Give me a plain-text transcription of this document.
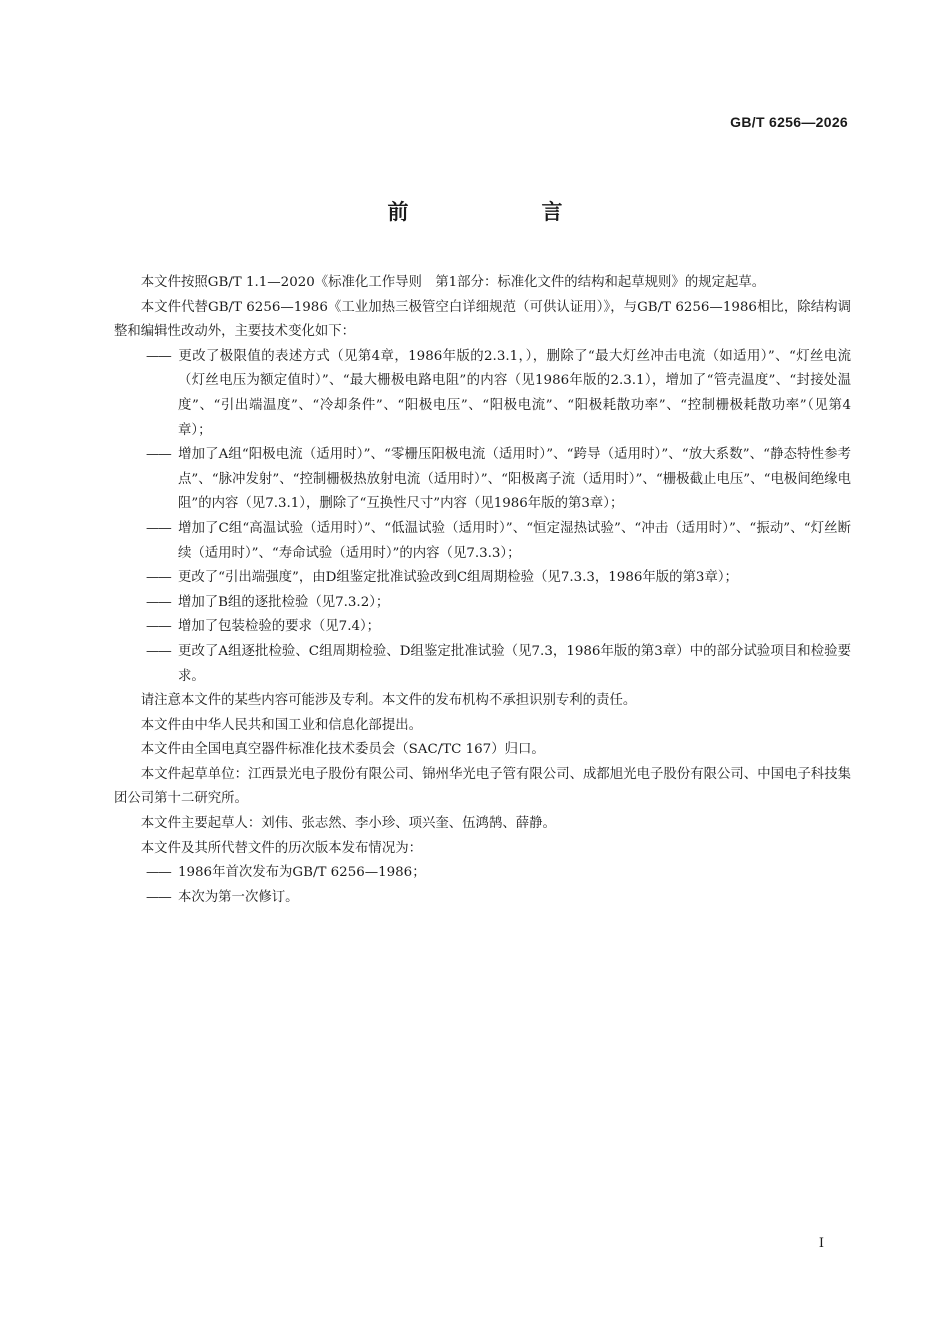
GB/T 6256—2026
前　言

本文件按照GB/T 1.1—2020《标准化工作导则　第1部分：标准化文件的结构和起草规则》的规定起草。

本文件代替GB/T 6256—1986《工业加热三极管空白详细规范（可供认证用）》，与GB/T 6256—1986相比，除结构调整和编辑性改动外，主要技术变化如下：

—— 更改了极限值的表述方式（见第4章，1986年版的2.3.1，），删除了“最大灯丝冲击电流（如适用）”、“灯丝电流（灯丝电压为额定值时）”、“最大栅极电路电阻”的内容（见1986年版的2.3.1），增加了“管壳温度”、“封接处温度”、“引出端温度”、“冷却条件”、“阳极电压”、“阳极电流”、“阳极耗散功率”、“控制栅极耗散功率”（见第4章）；

—— 增加了A组“阳极电流（适用时）”、“零栅压阳极电流（适用时）”、“跨导（适用时）”、“放大系数”、“静态特性参考点”、“脉冲发射”、“控制栅极热放射电流（适用时）”、“阳极离子流（适用时）”、“栅极截止电压”、“电极间绝缘电阻”的内容（见7.3.1），删除了“互换性尺寸”内容（见1986年版的第3章）；

—— 增加了C组“高温试验（适用时）”、“低温试验（适用时）”、“恒定湿热试验”、“冲击（适用时）”、“振动”、“灯丝断续（适用时）”、“寿命试验（适用时）”的内容（见7.3.3）；

—— 更改了“引出端强度”，由D组鉴定批准试验改到C组周期检验（见7.3.3，1986年版的第3章）；

—— 增加了B组的逐批检验（见7.3.2）；

—— 增加了包装检验的要求（见7.4）；

—— 更改了A组逐批检验、C组周期检验、D组鉴定批准试验（见7.3，1986年版的第3章）中的部分试验项目和检验要求。

请注意本文件的某些内容可能涉及专利。本文件的发布机构不承担识别专利的责任。

本文件由中华人民共和国工业和信息化部提出。

本文件由全国电真空器件标准化技术委员会（SAC/TC 167）归口。

本文件起草单位：江西景光电子股份有限公司、锦州华光电子管有限公司、成都旭光电子股份有限公司、中国电子科技集团公司第十二研究所。

本文件主要起草人：刘伟、张志然、李小珍、项兴奎、伍鸿鹄、薛静。

本文件及其所代替文件的历次版本发布情况为：

—— 1986年首次发布为GB/T 6256—1986；

—— 本次为第一次修订。

I
